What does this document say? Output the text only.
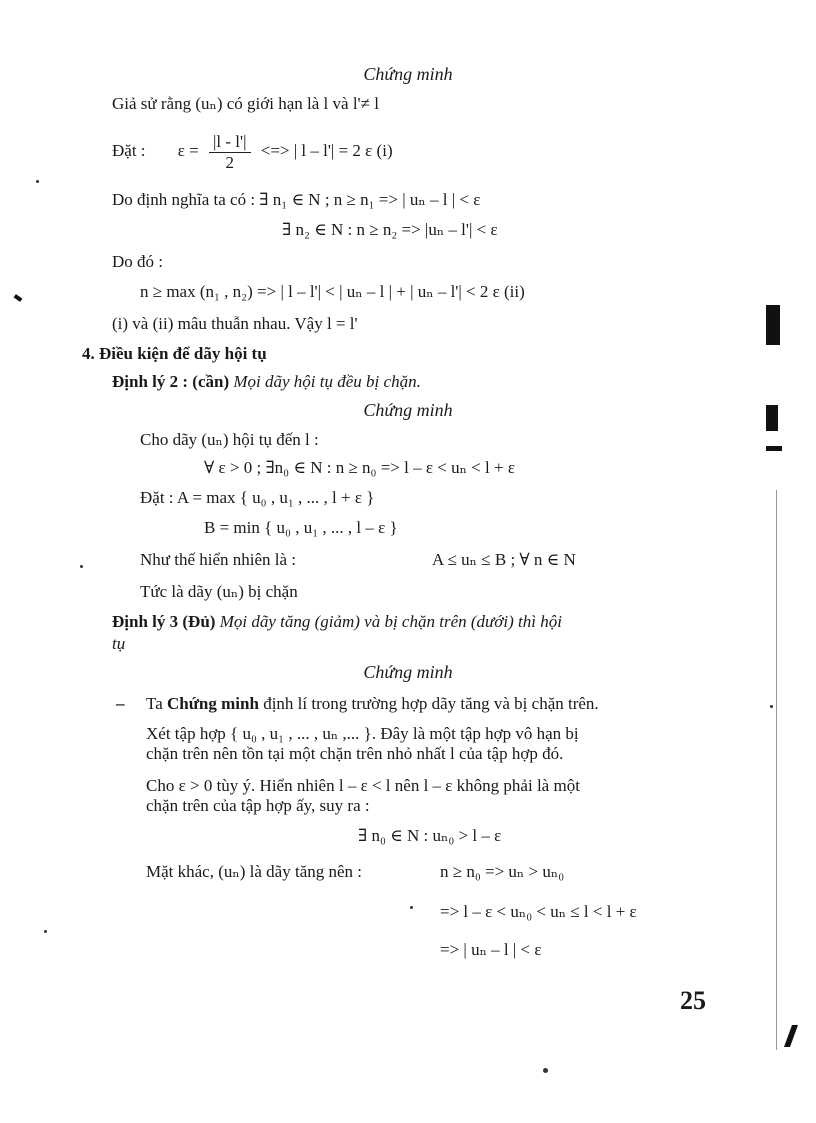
Chứng minh
Giả sử rằng (uₙ) có giới hạn là l và l'≠ l
Đặt : $\varepsilon = \frac{|l - l'|}{2}$ <=> | l – l'| = 2 ε (i)
Do định nghĩa ta có : ∃ n₁ ∈ N ; n ≥ n₁ => | uₙ – l | < ε
∃ n₂ ∈ N : n ≥ n₂ => |uₙ – l'| < ε
Do đó :
n ≥ max (n₁ , n₂) => | l – l'| < | uₙ – l | + | uₙ – l'| < 2 ε (ii)
(i) và (ii) mâu thuẫn nhau. Vậy l = l'
4. Điều kiện để dãy hội tụ
Định lý 2 : (cần) Mọi dãy hội tụ đều bị chặn.
Chứng minh
Cho dãy (uₙ) hội tụ đến l :
∀ ε > 0 ; ∃n₀ ∈ N : n ≥ n₀ => l – ε < uₙ < l + ε
Đặt : A = max { u₀ , u₁ , ... , l + ε }
B = min { u₀ , u₁ , ... , l – ε }
Như thế hiển nhiên là :	A ≤ uₙ ≤ B ; ∀ n ∈ N
Tức là dãy (uₙ) bị chặn
Định lý 3 (Đủ) Mọi dãy tăng (giảm) và bị chặn trên (dưới) thì hội
tụ
Chứng minh
– Ta Chứng minh định lí trong trường hợp dãy tăng và bị chặn trên.
Xét tập hợp { u₀ , u₁ , ... , uₙ ,... }. Đây là một tập hợp vô hạn bị
chặn trên nên tồn tại một chặn trên nhỏ nhất l của tập hợp đó.
Cho ε > 0 tùy ý. Hiển nhiên l – ε < l nên l – ε không phải là một
chặn trên của tập hợp ấy, suy ra :
∃ n₀ ∈ N : uₙ₀ > l – ε
Mặt khác, (uₙ) là dãy tăng nên :	n ≥ n₀ => uₙ > uₙ₀
=> l – ε < uₙ₀ < uₙ ≤ l < l + ε
=> | uₙ – l | < ε
25
